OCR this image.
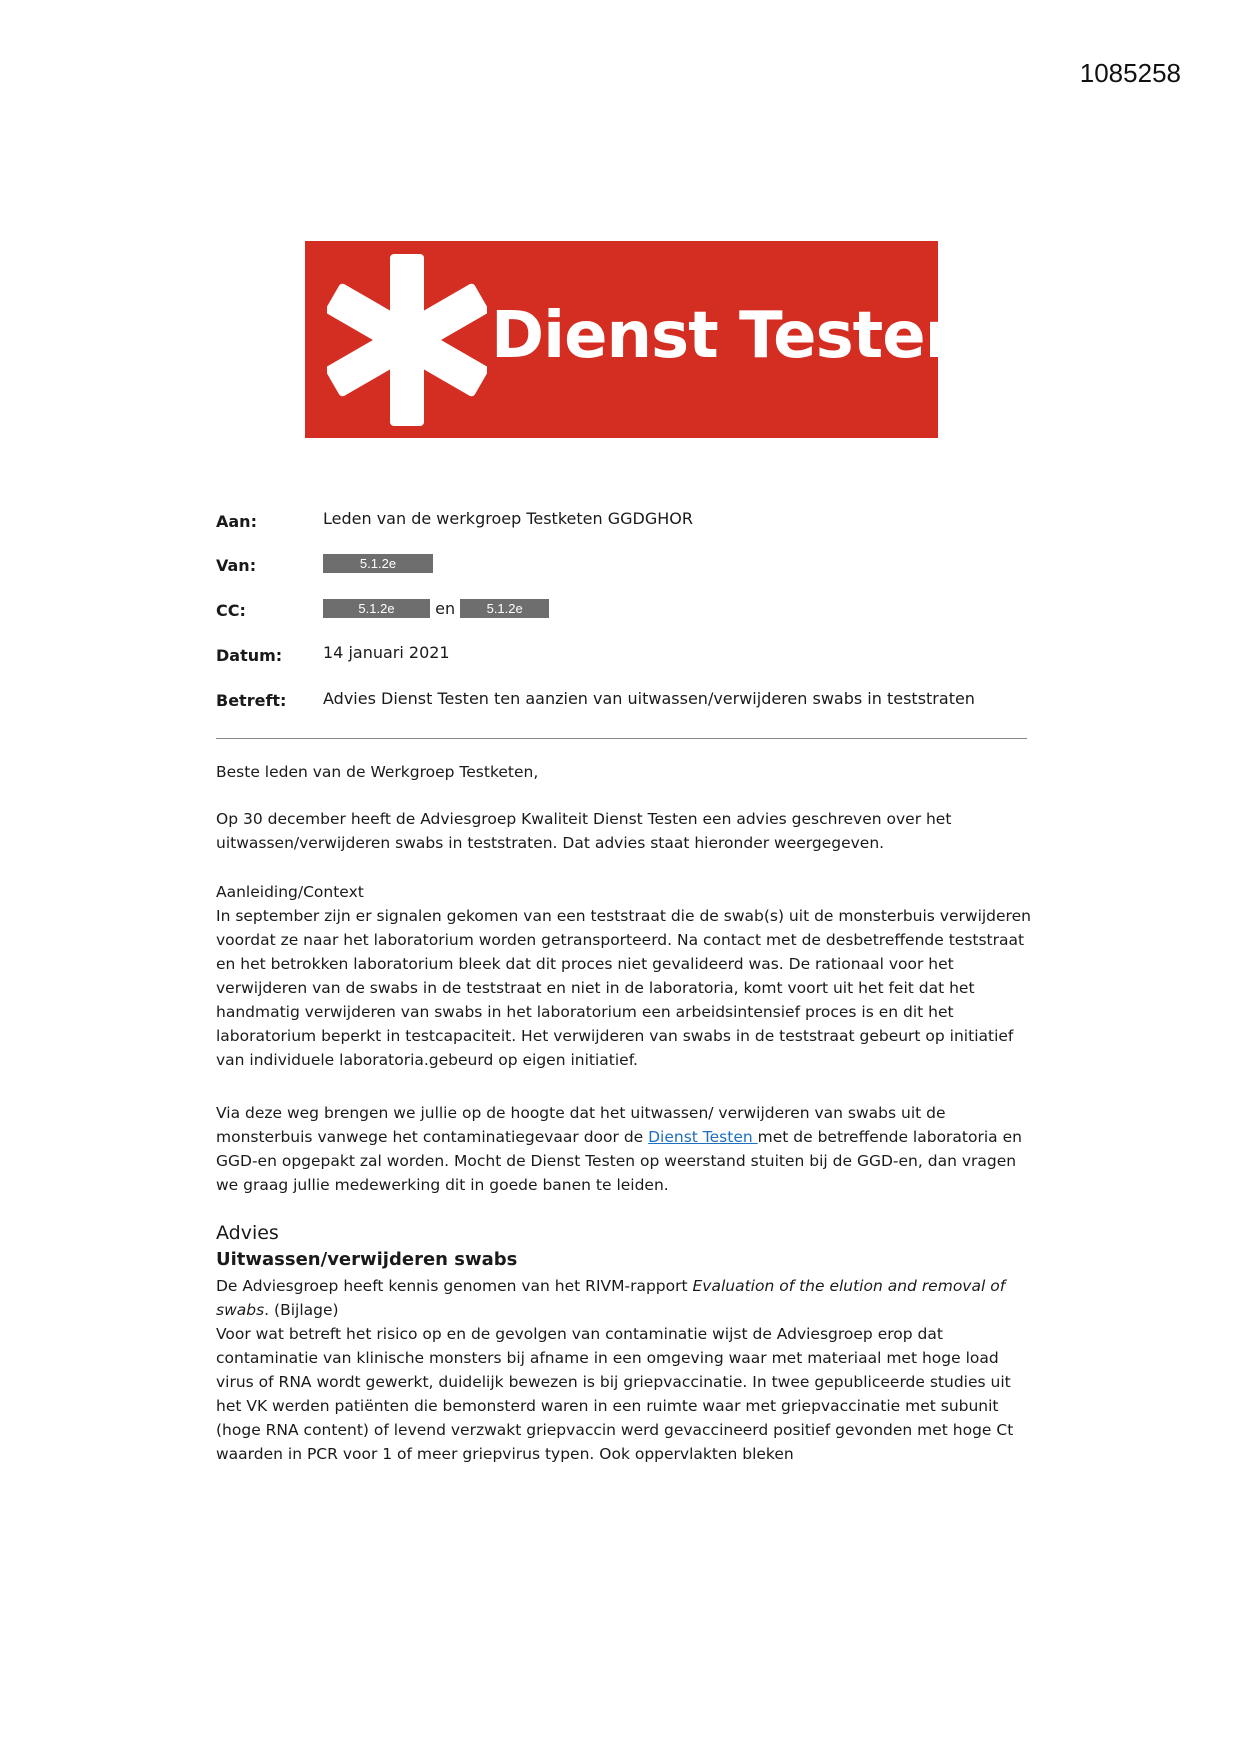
1085258
Dienst Testen
Aan:	Leden van de werkgroep Testketen GGDGHOR
Van:	5.1.2e
CC:	5.1.2e	en 5.1.2e
Datum:	14 januari 2021
Betreft: Advies Dienst Testen ten aanzien van uitwassen/verwijderen swabs in teststraten
Beste leden van de Werkgroep Testketen,
Op 30 december heeft de Adviesgroep Kwaliteit Dienst Testen een advies geschreven over het uitwassen/verwijderen swabs in teststraten. Dat advies staat hieronder weergegeven.

Aanleiding/Context

In september zijn er signalen gekomen van een teststraat die de swab(s) uit de monsterbuis verwijderen voordat ze naar het laboratorium worden getransporteerd. Na contact met de desbetreffende teststraat en het betrokken laboratorium bleek dat dit proces niet gevalideerd was. De rationaal voor het verwijderen van de swabs in de teststraat en niet in de laboratoria, komt voort uit het feit dat het handmatig verwijderen van swabs in het laboratorium een arbeidsintensief proces is en dit het laboratorium beperkt in testcapaciteit. Het verwijderen van swabs in de teststraat gebeurt op initiatief van individuele laboratoria.gebeurd op eigen initiatief.

Via deze weg brengen we jullie op de hoogte dat het uitwassen/ verwijderen van swabs uit de monsterbuis vanwege het contaminatiegevaar door de Dienst Testen met de betreffende laboratoria en GGD-en opgepakt zal worden. Mocht de Dienst Testen op weerstand stuiten bij de GGD-en, dan vragen we graag jullie medewerking dit in goede banen te leiden.
Advies
Uitwassen/verwijderen swabs

De Adviesgroep heeft kennis genomen van het RIVM-rapport Evaluation of the elution and removal of swabs. (Bijlage)

Voor wat betreft het risico op en de gevolgen van contaminatie wijst de Adviesgroep erop dat contaminatie van klinische monsters bij afname in een omgeving waar met materiaal met hoge load virus of RNA wordt gewerkt, duidelijk bewezen is bij griepvaccinatie. In twee gepubliceerde studies uit het VK werden patiënten die bemonsterd waren in een ruimte waar met griepvaccinatie met subunit (hoge RNA content) of levend verzwakt griepvaccin werd gevaccineerd positief gevonden met hoge Ct waarden in PCR voor 1 of meer griepvirus typen. Ook oppervlakten bleken
